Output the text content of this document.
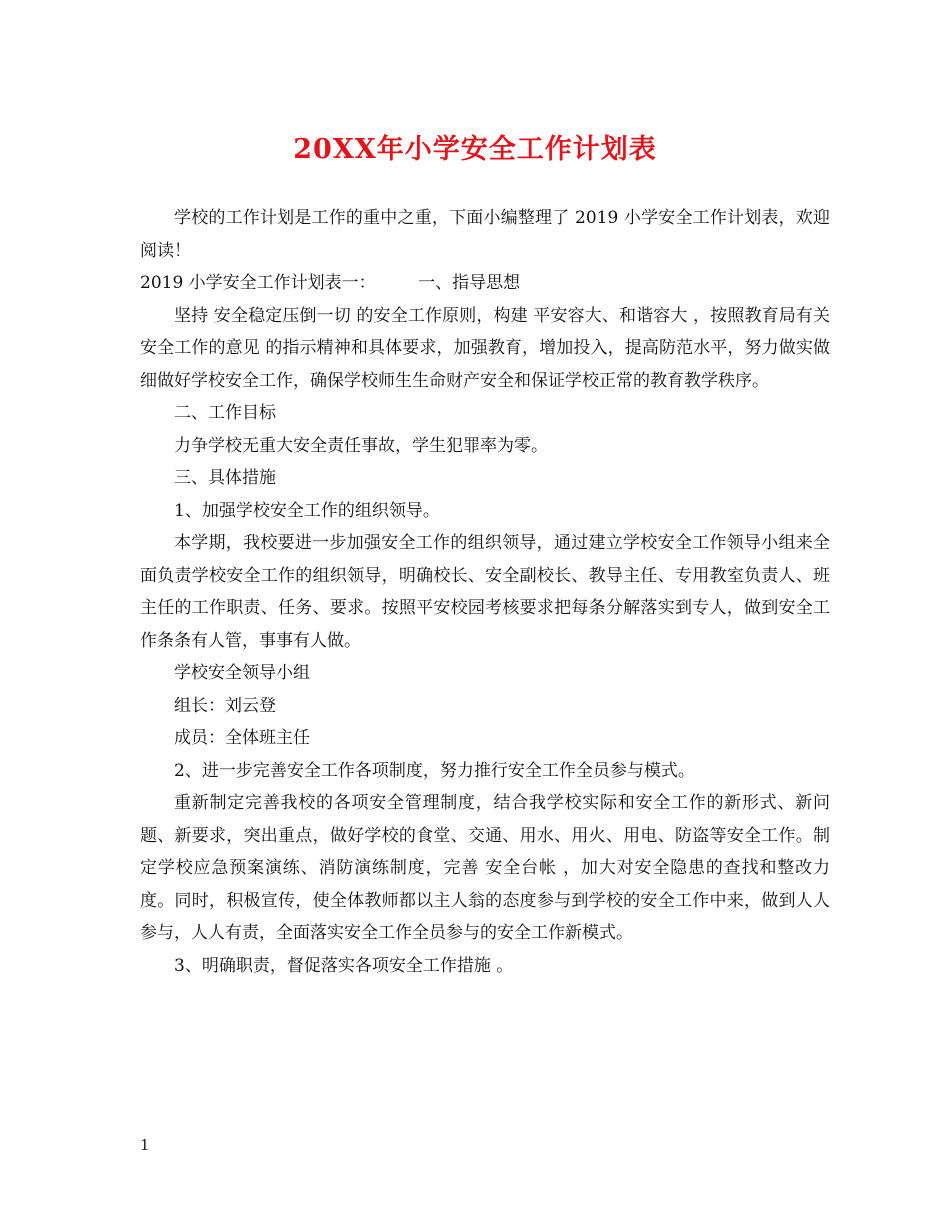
20XX年小学安全工作计划表

学校的工作计划是工作的重中之重，下面小编整理了 2019 小学安全工作计划表，欢迎阅读！

2019 小学安全工作计划表一：　　　一、指导思想

坚持 安全稳定压倒一切 的安全工作原则，构建 平安容大、和谐容大 ，按照教育局有关安全工作的意见 的指示精神和具体要求，加强教育，增加投入，提高防范水平，努力做实做细做好学校安全工作，确保学校师生生命财产安全和保证学校正常的教育教学秩序。

二、工作目标

力争学校无重大安全责任事故，学生犯罪率为零。

三、具体措施

1、加强学校安全工作的组织领导。

本学期，我校要进一步加强安全工作的组织领导，通过建立学校安全工作领导小组来全面负责学校安全工作的组织领导，明确校长、安全副校长、教导主任、专用教室负责人、班主任的工作职责、任务、要求。按照平安校园考核要求把每条分解落实到专人，做到安全工作条条有人管，事事有人做。

学校安全领导小组

组长：刘云登

成员：全体班主任

2、进一步完善安全工作各项制度，努力推行安全工作全员参与模式。

重新制定完善我校的各项安全管理制度，结合我学校实际和安全工作的新形式、新问题、新要求，突出重点，做好学校的食堂、交通、用水、用火、用电、防盗等安全工作。制定学校应急预案演练、消防演练制度，完善 安全台帐 ，加大对安全隐患的查找和整改力度。同时，积极宣传，使全体教师都以主人翁的态度参与到学校的安全工作中来，做到人人参与，人人有责，全面落实安全工作全员参与的安全工作新模式。

3、明确职责，督促落实各项安全工作措施 。

1
